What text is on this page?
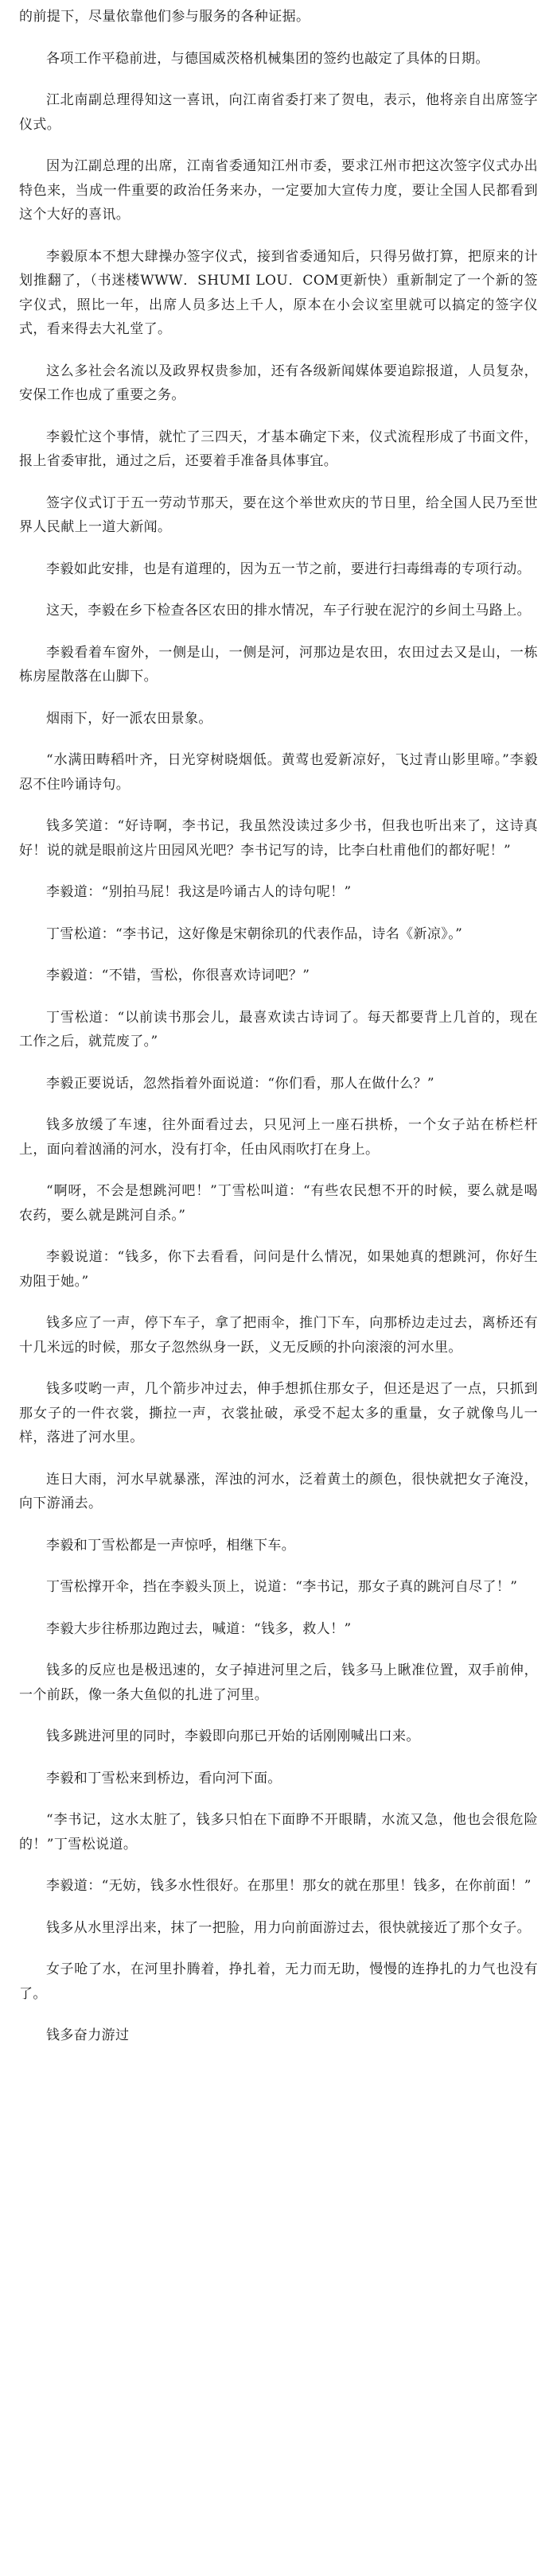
的前提下，尽量依靠他们参与服务的各种证据。

各项工作平稳前进，与德国威茨格机械集团的签约也敲定了具体的日期。

江北南副总理得知这一喜讯，向江南省委打来了贺电，表示，他将亲自出席签字仪式。

因为江副总理的出席，江南省委通知江州市委，要求江州市把这次签字仪式办出特色来，当成一件重要的政治任务来办，一定要加大宣传力度，要让全国人民都看到这个大好的喜讯。

李毅原本不想大肆操办签字仪式，接到省委通知后，只得另做打算，把原来的计划推翻了，（书迷楼WWW．SHUMI LOU．COM更新快）重新制定了一个新的签字仪式，照比一年，出席人员多达上千人，原本在小会议室里就可以搞定的签字仪式，看来得去大礼堂了。

这么多社会名流以及政界权贵参加，还有各级新闻媒体要追踪报道，人员复杂，安保工作也成了重要之务。

李毅忙这个事情，就忙了三四天，才基本确定下来，仪式流程形成了书面文件，报上省委审批，通过之后，还要着手准备具体事宜。

签字仪式订于五一劳动节那天，要在这个举世欢庆的节日里，给全国人民乃至世界人民献上一道大新闻。

李毅如此安排，也是有道理的，因为五一节之前，要进行扫毒缉毒的专项行动。

这天，李毅在乡下检查各区农田的排水情况，车子行驶在泥泞的乡间土马路上。

李毅看着车窗外，一侧是山，一侧是河，河那边是农田，农田过去又是山，一栋栋房屋散落在山脚下。

烟雨下，好一派农田景象。

“水满田畴稻叶齐，日光穿树晓烟低。黄莺也爱新凉好，飞过青山影里啼。”李毅忍不住吟诵诗句。

钱多笑道：“好诗啊，李书记，我虽然没读过多少书，但我也听出来了，这诗真好！说的就是眼前这片田园风光吧？李书记写的诗，比李白杜甫他们的都好呢！”

李毅道：“别拍马屁！我这是吟诵古人的诗句呢！”

丁雪松道：“李书记，这好像是宋朝徐玑的代表作品，诗名《新凉》。”

李毅道：“不错，雪松，你很喜欢诗词吧？”

丁雪松道：“以前读书那会儿，最喜欢读古诗词了。每天都要背上几首的，现在工作之后，就荒废了。”

李毅正要说话，忽然指着外面说道：“你们看，那人在做什么？”

钱多放缓了车速，往外面看过去，只见河上一座石拱桥，一个女子站在桥栏杆上，面向着汹涌的河水，没有打伞，任由风雨吹打在身上。

“啊呀，不会是想跳河吧！”丁雪松叫道：“有些农民想不开的时候，要么就是喝农药，要么就是跳河自杀。”

李毅说道：“钱多，你下去看看，问问是什么情况，如果她真的想跳河，你好生劝阻于她。”

钱多应了一声，停下车子，拿了把雨伞，推门下车，向那桥边走过去，离桥还有十几米远的时候，那女子忽然纵身一跃，义无反顾的扑向滚滚的河水里。

钱多哎哟一声，几个箭步冲过去，伸手想抓住那女子，但还是迟了一点，只抓到那女子的一件衣裳，撕拉一声，衣裳扯破，承受不起太多的重量，女子就像鸟儿一样，落进了河水里。

连日大雨，河水早就暴涨，浑浊的河水，泛着黄土的颜色，很快就把女子淹没，向下游涌去。

李毅和丁雪松都是一声惊呼，相继下车。

丁雪松撑开伞，挡在李毅头顶上，说道：“李书记，那女子真的跳河自尽了！”

李毅大步往桥那边跑过去，喊道：“钱多，救人！”

钱多的反应也是极迅速的，女子掉进河里之后，钱多马上瞅准位置，双手前伸，一个前跃，像一条大鱼似的扎进了河里。

钱多跳进河里的同时，李毅即向那已开始的话刚刚喊出口来。

李毅和丁雪松来到桥边，看向河下面。

“李书记，这水太脏了，钱多只怕在下面睁不开眼睛，水流又急，他也会很危险的！”丁雪松说道。

李毅道：“无妨，钱多水性很好。在那里！那女的就在那里！钱多，在你前面！”

钱多从水里浮出来，抹了一把脸，用力向前面游过去，很快就接近了那个女子。

女子呛了水，在河里扑腾着，挣扎着，无力而无助，慢慢的连挣扎的力气也没有了。

钱多奋力游过
